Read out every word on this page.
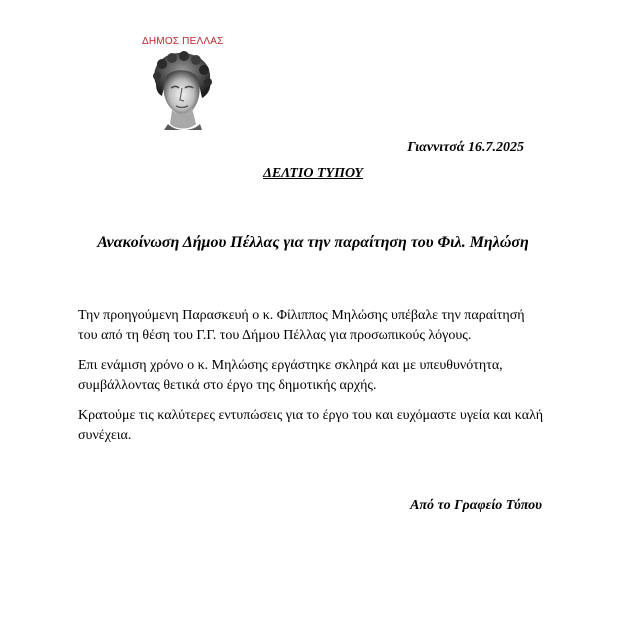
ΔΗΜΟΣ ΠΕΛΛΑΣ
Γιαννιτσά 16.7.2025
ΔΕΛΤΙΟ ΤΥΠΟΥ
Ανακοίνωση Δήμου Πέλλας για την παραίτηση του Φιλ. Μηλώση

Την προηγούμενη Παρασκευή ο κ. Φίλιππος Μηλώσης υπέβαλε την παραίτησή του από τη θέση του Γ.Γ. του Δήμου Πέλλας για προσωπικούς λόγους.

Επι ενάμιση χρόνο ο κ. Μηλώσης εργάστηκε σκληρά και με υπευθυνότητα, συμβάλλοντας θετικά στο έργο της δημοτικής αρχής.

Κρατούμε τις καλύτερες εντυπώσεις για το έργο του και ευχόμαστε υγεία και καλή συνέχεια.

Από το Γραφείο Τύπου
